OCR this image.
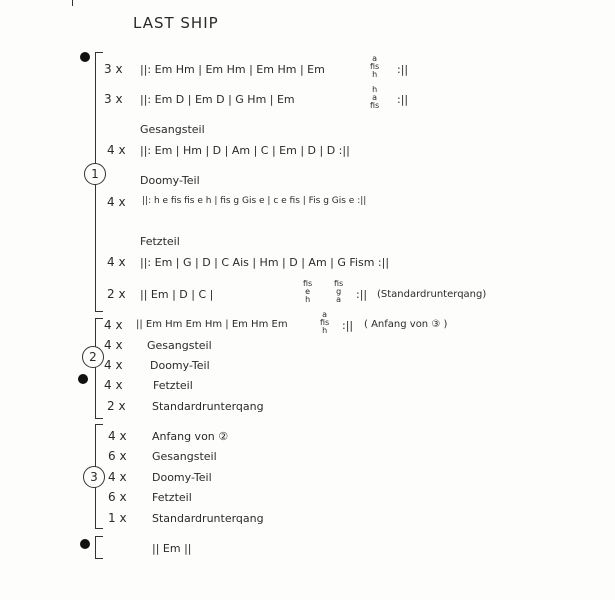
LAST SHIP
1
2
3
3 x ||: Em Hm | Em Hm | Em Hm | Em
a
fis
h :||
3 x ||: Em D | Em D | G Hm | Em
h
a
fis :||
Gesangsteil
4 x ||: Em | Hm | D | Am | C | Em | D | D :||
Doomy-Teil
4 x ||: h e fis fis e h | fis g Gis e | c e fis | Fis g Gis e :||
Fetzteil
4 x ||: Em | G | D | C Ais | Hm | D | Am | G Fism :||
2 x || Em | D | C |
fis
e
h
fis
g
a :|| (Standardrunterqang)
4 x || Em Hm Em Hm | Em Hm Em
a
fis
h :|| ( Anfang von ③ )
4 x Gesangsteil
4 x Doomy-Teil
4 x	Fetzteil
2 x Standardrunterqang
4 x Anfang von ②
6 x Gesangsteil
4 x Doomy-Teil
6 x Fetzteil
1 x Standardrunterqang
|| Em ||
